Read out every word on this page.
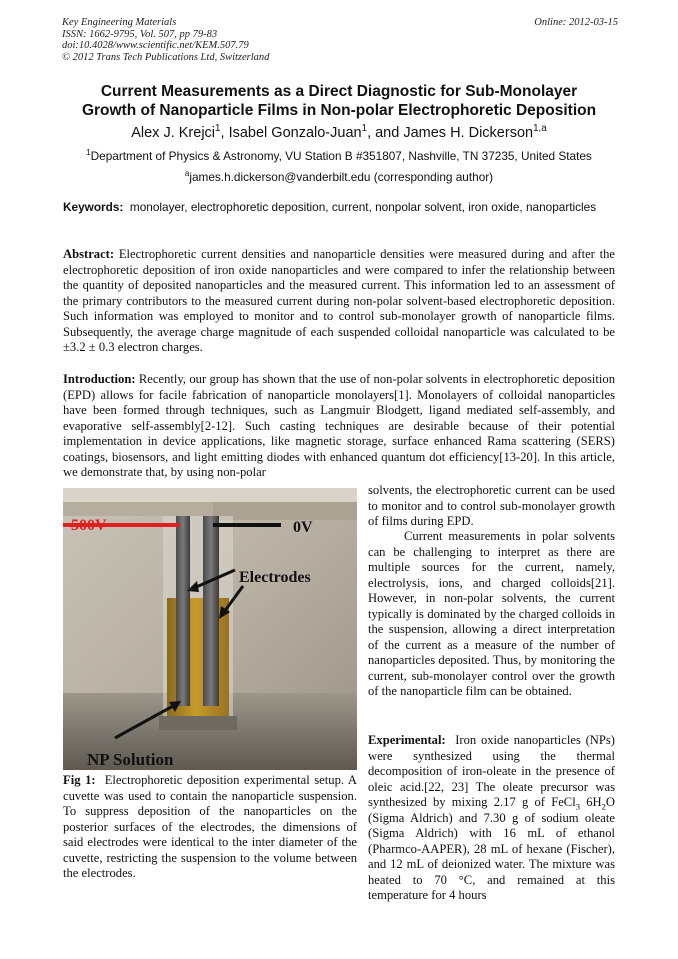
Key Engineering Materials
ISSN: 1662-9795, Vol. 507, pp 79-83
doi:10.4028/www.scientific.net/KEM.507.79
© 2012 Trans Tech Publications Ltd, Switzerland
Online: 2012-03-15
Current Measurements as a Direct Diagnostic for Sub-Monolayer
Growth of Nanoparticle Films in Non-polar Electrophoretic Deposition
Alex J. Krejci$^1$, Isabel Gonzalo-Juan$^1$, and James H. Dickerson$^{1,a}$
$^1$Department of Physics & Astronomy, VU Station B #351807, Nashville, TN 37235, United States
$^a$james.h.dickerson@vanderbilt.edu (corresponding author)
Keywords: monolayer, electrophoretic deposition, current, nonpolar solvent, iron oxide, nanoparticles
Abstract: Electrophoretic current densities and nanoparticle densities were measured during and after the electrophoretic deposition of iron oxide nanoparticles and were compared to infer the relationship between the quantity of deposited nanoparticles and the measured current. This information led to an assessment of the primary contributors to the measured current during non-polar solvent-based electrophoretic deposition. Such information was employed to monitor and to control sub-monolayer growth of nanoparticle films. Subsequently, the average charge magnitude of each suspended colloidal nanoparticle was calculated to be ±3.2 ± 0.3 electron charges.
Introduction: Recently, our group has shown that the use of non-polar solvents in electrophoretic deposition (EPD) allows for facile fabrication of nanoparticle monolayers[1]. Monolayers of colloidal nanoparticles have been formed through techniques, such as Langmuir Blodgett, ligand mediated self-assembly, and evaporative self-assembly[2-12]. Such casting techniques are desirable because of their potential implementation in device applications, like magnetic storage, surface enhanced Rama scattering (SERS) coatings, biosensors, and light emitting diodes with enhanced quantum dot efficiency[13-20]. In this article, we demonstrate that, by using non-polar
solvents, the electrophoretic current can be used to monitor and to control sub-monolayer growth of films during EPD.
Current measurements in polar solvents can be challenging to interpret as there are multiple sources for the current, namely, electrolysis, ions, and charged colloids[21]. However, in non-polar solvents, the current typically is dominated by the charged colloids in the suspension, allowing a direct interpretation of the current as a measure of the number of nanoparticles deposited. Thus, by monitoring the current, sub-monolayer control over the growth of the nanoparticle film can be obtained.
Experimental: Iron oxide nanoparticles (NPs) were synthesized using the thermal decomposition of iron-oleate in the presence of oleic acid.[22, 23] The oleate precursor was synthesized by mixing 2.17 g of FeCl$_3$ $6H_2O$ (Sigma Aldrich) and 7.30 g of sodium oleate (Sigma Aldrich) with 16 mL of ethanol (Pharmco-AAPER), 28 mL of hexane (Fischer), and 12 mL of deionized water. The mixture was heated to 70 °C, and remained at this temperature for 4 hours
500V	0V
Electrodes
NP Solution
Fig 1: Electrophoretic deposition experimental setup. A cuvette was used to contain the nanoparticle suspension. To suppress deposition of the nanoparticles on the posterior surfaces of the electrodes, the dimensions of said electrodes were identical to the inter diameter of the cuvette, restricting the suspension to the volume between the electrodes.
